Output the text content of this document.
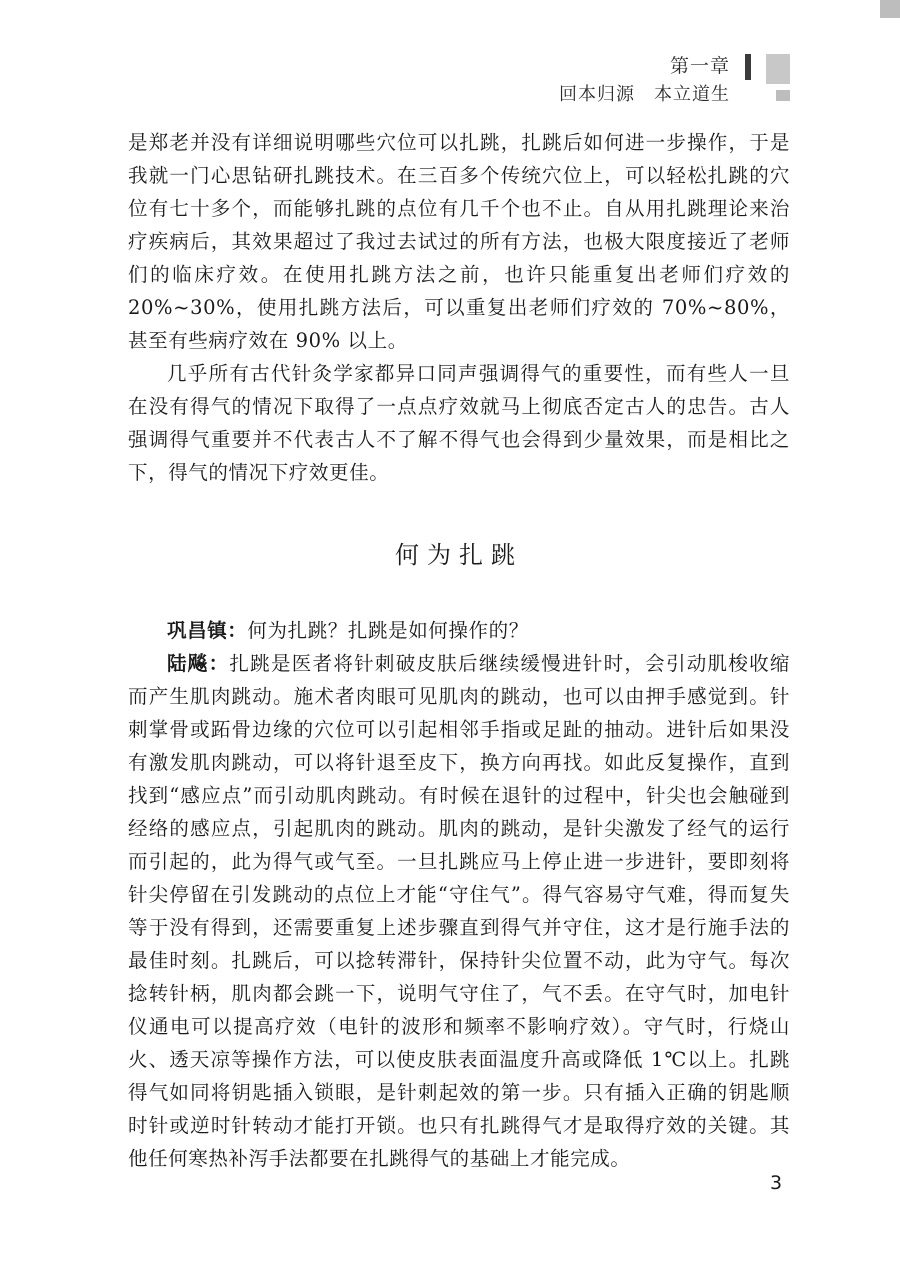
第一章
回本归源　本立道生

是郑老并没有详细说明哪些穴位可以扎跳，扎跳后如何进一步操作，于是我就一门心思钻研扎跳技术。在三百多个传统穴位上，可以轻松扎跳的穴位有七十多个，而能够扎跳的点位有几千个也不止。自从用扎跳理论来治疗疾病后，其效果超过了我过去试过的所有方法，也极大限度接近了老师们的临床疗效。在使用扎跳方法之前，也许只能重复出老师们疗效的 20%~30%，使用扎跳方法后，可以重复出老师们疗效的 70%~80%，甚至有些病疗效在 90% 以上。

几乎所有古代针灸学家都异口同声强调得气的重要性，而有些人一旦在没有得气的情况下取得了一点点疗效就马上彻底否定古人的忠告。古人强调得气重要并不代表古人不了解不得气也会得到少量效果，而是相比之下，得气的情况下疗效更佳。

何为扎跳

巩昌镇：何为扎跳？扎跳是如何操作的？

陆飚：扎跳是医者将针刺破皮肤后继续缓慢进针时，会引动肌梭收缩而产生肌肉跳动。施术者肉眼可见肌肉的跳动，也可以由押手感觉到。针刺掌骨或跖骨边缘的穴位可以引起相邻手指或足趾的抽动。进针后如果没有激发肌肉跳动，可以将针退至皮下，换方向再找。如此反复操作，直到找到“感应点”而引动肌肉跳动。有时候在退针的过程中，针尖也会触碰到经络的感应点，引起肌肉的跳动。肌肉的跳动，是针尖激发了经气的运行而引起的，此为得气或气至。一旦扎跳应马上停止进一步进针，要即刻将针尖停留在引发跳动的点位上才能“守住气”。得气容易守气难，得而复失等于没有得到，还需要重复上述步骤直到得气并守住，这才是行施手法的最佳时刻。扎跳后，可以捻转滞针，保持针尖位置不动，此为守气。每次捻转针柄，肌肉都会跳一下，说明气守住了，气不丢。在守气时，加电针仪通电可以提高疗效（电针的波形和频率不影响疗效）。守气时，行烧山火、透天凉等操作方法，可以使皮肤表面温度升高或降低 1℃以上。扎跳得气如同将钥匙插入锁眼，是针刺起效的第一步。只有插入正确的钥匙顺时针或逆时针转动才能打开锁。也只有扎跳得气才是取得疗效的关键。其他任何寒热补泻手法都要在扎跳得气的基础上才能完成。

3
